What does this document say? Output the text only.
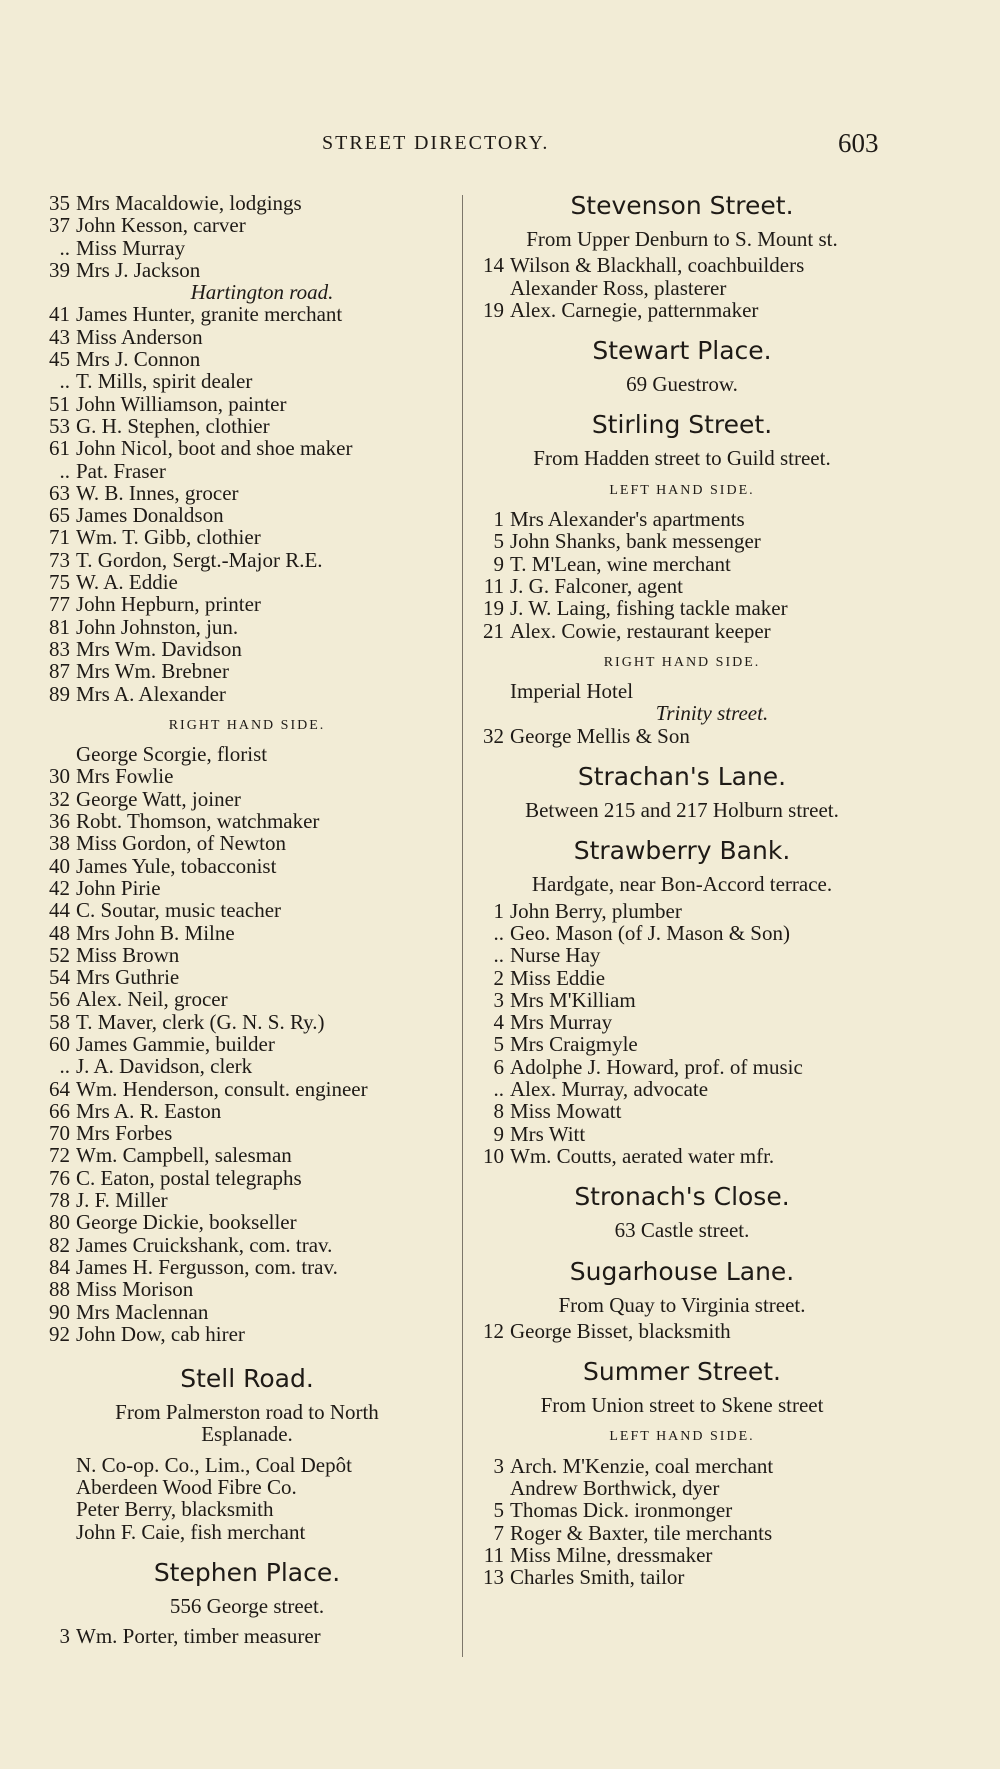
STREET DIRECTORY.	603
35 Mrs Macaldowie, lodgings
37 John Kesson, carver
.. Miss Murray
39 Mrs J. Jackson
Hartington road.
41 James Hunter, granite merchant
43 Miss Anderson
45 Mrs J. Connon
.. T. Mills, spirit dealer
51 John Williamson, painter
53 G. H. Stephen, clothier
61 John Nicol, boot and shoe maker
.. Pat. Fraser
63 W. B. Innes, grocer
65 James Donaldson
71 Wm. T. Gibb, clothier
73 T. Gordon, Sergt.-Major R.E.
75 W. A. Eddie
77 John Hepburn, printer
81 John Johnston, jun.
83 Mrs Wm. Davidson
87 Mrs Wm. Brebner
89 Mrs A. Alexander
RIGHT HAND SIDE.
George Scorgie, florist
30 Mrs Fowlie
32 George Watt, joiner
36 Robt. Thomson, watchmaker
38 Miss Gordon, of Newton
40 James Yule, tobacconist
42 John Pirie
44 C. Soutar, music teacher
48 Mrs John B. Milne
52 Miss Brown
54 Mrs Guthrie
56 Alex. Neil, grocer
58 T. Maver, clerk (G. N. S. Ry.)
60 James Gammie, builder
.. J. A. Davidson, clerk
64 Wm. Henderson, consult. engineer
66 Mrs A. R. Easton
70 Mrs Forbes
72 Wm. Campbell, salesman
76 C. Eaton, postal telegraphs
78 J. F. Miller
80 George Dickie, bookseller
82 James Cruickshank, com. trav.
84 James H. Fergusson, com. trav.
88 Miss Morison
90 Mrs Maclennan
92 John Dow, cab hirer
Stell Road.
From Palmerston road to North
Esplanade.
N. Co-op. Co., Lim., Coal Depôt
Aberdeen Wood Fibre Co.
Peter Berry, blacksmith
John F. Caie, fish merchant
Stephen Place.
556 George street.
3 Wm. Porter, timber measurer
Stevenson Street.
From Upper Denburn to S. Mount st.
14 Wilson & Blackhall, coachbuilders
Alexander Ross, plasterer
19 Alex. Carnegie, patternmaker
Stewart Place.
69 Guestrow.
Stirling Street.
From Hadden street to Guild street.
LEFT HAND SIDE.
1 Mrs Alexander's apartments
5 John Shanks, bank messenger
9 T. M'Lean, wine merchant
11 J. G. Falconer, agent
19 J. W. Laing, fishing tackle maker
21 Alex. Cowie, restaurant keeper
RIGHT HAND SIDE.
Imperial Hotel
Trinity street.
32 George Mellis & Son
Strachan's Lane.
Between 215 and 217 Holburn street.
Strawberry Bank.
Hardgate, near Bon-Accord terrace.
1 John Berry, plumber
.. Geo. Mason (of J. Mason & Son)
.. Nurse Hay
2 Miss Eddie
3 Mrs M'Killiam
4 Mrs Murray
5 Mrs Craigmyle
6 Adolphe J. Howard, prof. of music
.. Alex. Murray, advocate
8 Miss Mowatt
9 Mrs Witt
10 Wm. Coutts, aerated water mfr.
Stronach's Close.
63 Castle street.
Sugarhouse Lane.
From Quay to Virginia street.
12 George Bisset, blacksmith
Summer Street.
From Union street to Skene street
LEFT HAND SIDE.
3 Arch. M'Kenzie, coal merchant
Andrew Borthwick, dyer
5 Thomas Dick. ironmonger
7 Roger & Baxter, tile merchants
11 Miss Milne, dressmaker
13 Charles Smith, tailor
